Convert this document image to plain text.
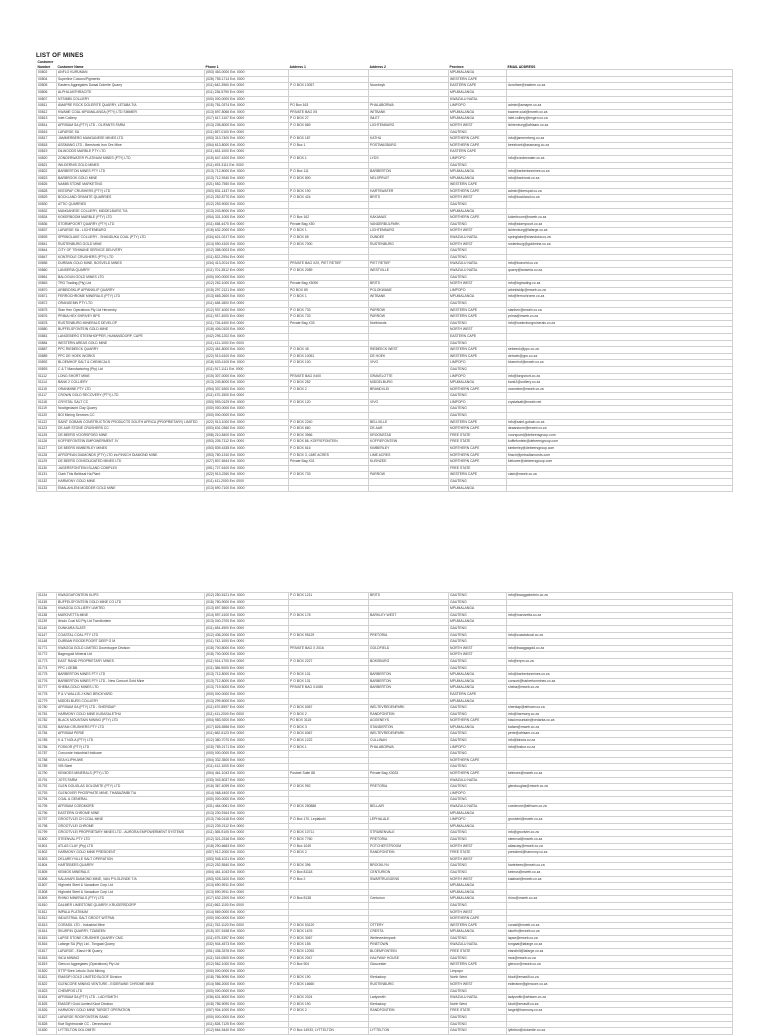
LIST OF MINES
Customer Number	Customer Name	Phone 1	Address 1	Address 2	Province	EMAIL ADDRESS
00802	ANFLO KURUMAN	(053) 463-0000 Ext. 0000			MPUMALANGA	
00804	Superline Colours/Pigments	(028) 755-1714 Ext. 0000			WESTERN CAPE	
00805	Eastern Aggregates Dwaal Dolerite Quarry	(011) 642-3960 Ext. 0000	P O BOX 13057	Noordwyk	EASTERN CAPE	dorothee@eastern.co.za
00806	ALPHA ANTHRACITE	(011) 236-5790 Ext. 0000			MPUMALANGA	
00807	NTSIMBI COLLIERY	(000) 000-0000 Ext. 0000			KWAZULU NATAL	
00811	AMAPRE ROCK DOLERITE QUARRY, LETABA T/A	(015) 781-0374 Ext. 0000	PO Box 163	PHALABORWA	LIMPOPO	admin@amapre.co.za
00812	KWAME COAL MPUMALANGA (PTY) LTD SIMMER	(013) 697-8066 Ext. 0000	PRIVATE BAG X5	WITBANK	MPUMALANGA	kwame.coal@mweb.co.za
00813	Inlet Colliery	(017) 617-1107 Ext. 0000	P O BOX 27	INLET	MPUMALANGA	inlet.colliery@engen.co.za
00814	AFRISAM SA (PTY) LTD - OLIFANTS FARM	(013) 235-8000 Ext. 0000	P O BOX 669	LICHTENBURG	NORTH WEST	lichtenburg@afrisam.co.za
00815	LAFARGE SA	(011) 657-0100 Ext. 0000			GAUTENG	
00817	JAMMERBERG MANGANESE MINES LTD	(053) 313-7400 Ext. 0000	P O BOX 187	KATHU	NORTHERN CAPE	info@jammerberg.co.za
00818	ASSMANG LTD - Beeshoek Iron Ore Mine	(054) 613-8000 Ext. 0000	P O Box 1	POSTMASBURG	NORTHERN CAPE	beeshoek@assmang.co.za
00819	DILWOODS MARBLE PTY LTD	(011) 463-1000 Ext. 0000			EASTERN CAPE	
00820	ZONDERWATER PLATINUM MINES (PTY) LTD	(015) 647-4200 Ext. 0000	P O BOX 1	LYDS	LIMPOPO	info@zonderwater.co.za
00821	WILDERNIS GOLD MINES	(011) 493-3111 Ext. 0000			GAUTENG	
00822	BARBERTON MINES PTY LTD	(013) 712-8000 Ext. 0000	P O Box 111	BARBERTON	MPUMALANGA	info@barbertonmines.co.za
00823	BARBROOK GOLD MINE	(013) 712-9340 Ext. 0000	P O BOX 800	NELSPRUIT	MPUMALANGA	info@barbrook.co.za
00826	NAMIB STONE MARKETING	(021) 552-7550 Ext. 0000			WESTERN CAPE	
00828	KEESPAF CRUSHERS (PTY) LTD	(053) 831-1437 Ext. 0000	P O BOX 190	HARTSWATER	NORTHERN CAPE	admin@keespaf.co.za
00829	BOCKLAND GRANITE QUARRIES	(012) 252-8770 Ext. 0000	P O BOX 424	BRITS	NORTH WEST	info@bockland.co.za
00830	ATTIC QUARRIES	(012) 253-9000 Ext. 0000			GAUTENG	
00832	MANGANESE COLLIERY, MIDDELBURG T/A	(013) 243-8000 Ext. 0000			MPUMALANGA	
00834	KOKERBOOM MARBLE (PTY) LTD	(054) 331-1000 Ext. 0000	P O Box 162	KAKAMAS	NORTHERN CAPE	kokerboom@mweb.co.za
00836	STORMPOORT QUARRY (PTY) LTD	(011) 458-4470 Ext. 0000	Private Bag X50	VANDERBIJLPARK	GAUTENG	info@stormpoort.co.za
00837	LAFARGE SA - LICHTENBURG	(018) 632-2000 Ext. 0000	P O BOX 1	LICHTENBURG	NORTH WEST	lichtenburg@lafarge.co.za
00839	SPRINGLAKE COLLIERY - SHANDUKA COAL (PTY) LTD	(034) 621-0217 Ext. 0000	P O BOX 65	DUNDEE	KWAZULU NATAL	springlake@shanduka.co.za
00841	RUSTENBURG GOLD MINE	(014) 590-4100 Ext. 0000	P O BOX 7000	RUSTENBURG	NORTH WEST	rustenburg@goldmine.co.za
00844	CITY OF TSHWANE SERVICE DELIVERY	(012) 358-0003 Ext. 0000			GAUTENG	
00847	KONTROLE CRUSHERS (PTY) LTD	(011) 822-2954 Ext. 0000			GAUTENG	
00858	DURBAN GOLD MINE, BOSVELD MINES	(034) 413-2014 Ext. 0000	PRIVATE BAG X20, PIET RETIEF	PIET RETIEF	KWAZULU NATAL	info@bosveld.co.za
00860	LANSERIA QUARRY	(011) 701-3512 Ext. 0000	P O BOX 2089	WESTVILLE	KWAZULU NATAL	quarry@lanseria.co.za
00861	BALOGUN GOLD MINES LTD	(000) 000-0000 Ext. 0000			GAUTENG	
00863	TRG Trading (Pty) Ltd	(012) 252-1000 Ext. 0000	Private Bag X5090	BRITS	NORTH WEST	info@trgtrading.co.za
00870	ARBEIDSKLIP AFPANKLIP QUARRY	(015) 297-2121 Ext. 0000	PO BOX 89	POLOKWANE	LIMPOPO	arbeidsklip@mweb.co.za
00871	FERROCHROME MINERALS (PTY) LTD	(013) 665-2600 Ext. 0000	P O BOX 1	WITBANK	MPUMALANGA	info@ferrochrome.co.za
00872	ORANGEMN PTY LTD	(011) 468-1800 Ext. 0000			GAUTENG	
00875	Stan Hen Operations Pty Ltd Hercenby	(012) 937-4000 Ext. 0000	P O BOX 733	PARROW	WESTERN CAPE	stanhen@mweb.co.za
00876	PRIMA HEX SHRIVEY BPS	(011) 937-4000 Ext. 0000	P O BOX 733	PARROW	WESTERN CAPE	prima@mweb.co.za
00878	RUSTENBURG MINERALS DEVELOP	(011) 726-4400 Ext. 0000	Private Bag X33	Northlands	GAUTENG	info@rustenburgminerals.co.za
00880	BUFFELSFONTEIN GOLD MINE	(018) 406-0100 Ext. 0000			NORTH WEST	
00881	LANGEBERG STEENHOPPER, HUMANSDORP, CAPE	(042) 295-1202 Ext. 0000			EASTERN CAPE	
00884	WESTERN AREAS GOLD MINE	(011) 411-1000 Ext. 0000			GAUTENG	
00887	PPC RIEBEECK QUARRY	(022) 461-8000 Ext. 0000	P O BOX 45	RIEBEECK WEST	WESTERN CAPE	riebeeck@ppc.co.za
00889	PPC DE HOEK WORKS	(022) 913-6100 Ext. 0000	P O BOX 10051	DE HOEK	WESTERN CAPE	dehoek@ppc.co.za
00892	BLOEMHOF SALT & CHEMICALS	(018) 633-4100 Ext. 0000	P O BOX 100	VIVO	LIMPOPO	bloemhof@mweb.co.za
00893	C & T Manufacturing (Pty) Ltd	(011) 917-1111 Ext. 0000			GAUTENG	
01112	LONG SHORT MINE	(015) 307-0000 Ext. 0000	PRIVATE BAG X400	GRAVELOTTE	LIMPOPO	info@longshort.co.za
01114	BANK 2 COLLIERY	(013) 249-8000 Ext. 0000	P O BOX 252	MIDDELBURG	MPUMALANGA	bank2@colliery.co.za
01115	ORANMINE PTY LTD	(054) 337-6300 Ext. 0000	P O BOX 2	BRANDVLEI	NORTHERN CAPE	oranmine@mweb.co.za
01117	CROWN GOLD RECOVERY (PTY) LTD	(011) 470-1500 Ext. 0000			GAUTENG	
01118	CRYSTAL SALT CC	(053) 593-0129 Ext. 0000	P O BOX 120	VIVO	LIMPOPO	crystalsalt@mweb.net
01119	Nooitgedacht Clay Quarry	(000) 000-0000 Ext. 0000			GAUTENG	
01120	BOI Mining Services CC	(000) 000-0000 Ext. 0000			GAUTENG	
01122	SAINT GOBAIN CONSTRUCTION PRODUCTS SOUTH AFRICA (PROPRIETARY) LIMITED	(022) 913-1000 Ext. 0000	P O BOX 2240	BELLVILLE	WESTERN CAPE	info@saint-gobain.co.za
01123	DE AAR STONE CRUSHERS CC	(053) 631-0360 Ext. 0000	P O BOX 660	DE AAR	NORTHERN CAPE	deaarstone@mweb.co.za
01125	DE BEERS VOORSPOED MINE	(058) 210-8400 Ext. 0000	P O BOX 3966	KROONSTAD	FREE STATE	voorspoed@debeersgroup.com
01126	KOFFIEFONTEIN EMPOWERMENT JV	(053) 205-7112 Ext. 0000	P O BOX 86, KOFFIEFONTEIN	KOFFIEFONTEIN	FREE STATE	koffiefontein@debeersgroup.com
01127	DE BEERS KIMBERLEY MINES	(053) 839-4335 Ext. 0000	P O BOX 616	KIMBERLEY	NORTHERN CAPE	kimberley@debeersgroup.com
01128	AFROPEAN DIAMONDS (PTY) LTD t/a FINSCH DIAMOND MINE	(053) 780-1310 Ext. 0000	P O BOX 3, LIME ACRES	LIME ACRES	NORTHERN CAPE	finsch@petradiamonds.com
01129	DE BEERS CONSOLIDATED MINES LTD	(027) 807-6544 Ext. 0000	Private Bag X01	KLEINZEE	NORTHERN CAPE	kleinzee@debeersgroup.com
01130	JAGERSFONTEIN ISLAND COMPLEX	(051) 727-6100 Ext. 0000			FREE STATE	
01131	Clark This Beitbsal Ha Plant	(022) 913-2260 Ext. 0000	P O BOX 733	PARROW	WESTERN CAPE	clark@mweb.co.za
01132	HARMONY GOLD MINE	(011) 411-2000 Ext. 0000			GAUTENG	
01133	EMALAHLENI MODDER GOLD MINE	(013) 690-7100 Ext. 0000			MPUMALANGA	
01134	KWAGGAFONTEIN KLIPS	(012) 250-5121 Ext. 0000	P O BOX 1211	BRITS	GAUTENG	info@kwaggafontein.co.za
01135	BUFFELSFONTEIN GOLD MINE CO LTD	(018) 780-9000 Ext. 0000			GAUTENG	
01136	KWAGGA COLLIERY LIMITED	(013) 697-5500 Ext. 0000			MPUMALANGA	
01138	MAROVETTA MINE	(014) 597-4100 Ext. 0000	P O BOX 178	BARKLEY WEST	GAUTENG	info@marovetta.co.za
01139	Ikholo Coal MJ Pty Ltd Twedfontein	(013) 040-2700 Ext. 0000			MPUMALANGA	
01140	DUNKARA SLATE	(011) 484-4900 Ext. 0000			GAUTENG	
01147	COASTAL COAL PTY LTD	(012) 436-2000 Ext. 0000	P O BOX 95129	PRETORIA	GAUTENG	info@coastalcoal.co.za
01148	DURBAN ROODEPOORT DEEP G M	(011) 742-1000 Ext. 0000			GAUTENG	
01771	KWAGGA GOLD LIMITED Doornkoppe Division	(018) 700-8000 Ext. 0000	PRIVATE BAG X 2016	GOLDFIELD	NORTH WEST	info@kwaggagold.co.za
01772	Bagengold Mineral Ltd	(018) 700-0000 Ext. 0000			NORTH WEST	
01773	EAST RAND PROPRIETARY MINES	(011) 914-1700 Ext. 0000	P O BOX 2227	BOKSBURG	GAUTENG	info@erpm.co.za
01774	PPC LOEBB	(011) 386-9000 Ext. 0000			GAUTENG	
01775	BARBERTON MINES PTY LTD	(013) 712-8000 Ext. 0000	P O BOX 131	BARBERTON	MPUMALANGA	info@barbertonmines.co.za
01776	BARBERTON MINES PTY LTD - New Consort Gold Mine	(013) 712-8000 Ext. 0000	P O BOX 131	BARBERTON	MPUMALANGA	consort@barbertonmines.co.za
01777	SHEBA GOLD MINES LTD	(013) 719-5000 Ext. 0000	PRIVATE BAG X1085	BARBERTON	MPUMALANGA	sheba@mweb.co.za
01778	P & V WALLIS-J KING BRICKYARD	(000) 000-0000 Ext. 0000			EASTERN CAPE	
01779	MIDDELBURG COLLIERY	(013) 299-5000 Ext. 0000			MPUMALANGA	
01780	AFRISAM SA (PTY) LTD - SHERIDAP	(011) 670-5997 Ext. 0000	P O BOX 6367	WELTEVREDENPARK	GAUTENG	sheridap@afrisam.co.za
01781	HARMONY GOLD MINE KUSASALETHU	(011) 411-2000 Ext. 0000	P O BOX 2	RANDFONTEIN	GAUTENG	info@harmony.co.za
01782	BLACK MOUNTAIN MINING (PTY) LTD	(054) 983-9200 Ext. 0000	PO BOX 3115	AGGENEYS	NORTHERN CAPE	blackmountain@vedanta.co.za
01783	BAFAM CRUSHERS PTY LTD	(017) 826-5556 Ext. 0000	P O BOX 3	STANDERTON	MPUMALANGA	bafam@mweb.co.za
01784	AFRISAM PERIE	(011) 682-5123 Ext. 0000	P O BOX 6367	WELTEVREDENPARK	GAUTENG	perie@afrisam.co.za
01785	K & T NOLA (PTY) LTD	(012) 380-7070 Ext. 0000	P O BOX 1222	CULLINAN	GAUTENG	info@ktnola.co.za
01786	FOSKOR (PTY) LTD	(015) 789-2171 Ext. 0000	P O BOX 1	PHALABORWA	LIMPOPO	info@foskor.co.za
01787	Concorde Industrial Holdcare	(000) 000-0000 Ext. 0000			GAUTENG	
01788	KEA KLIPHUWE	(054) 332-3500 Ext. 0000			NORTHERN CAPE	
01789	VIB Steel	(011) 412-1000 Ext. 0000			GAUTENG	
01790	KEIMOES MINERALS (PTY) LTD	(054) 461-1043 Ext. 0000	Postnet Suite 88	Private Bag X3033	NORTHERN CAPE	keimoes@mweb.co.za
01791	JOTS FARM	(033) 343-5037 Ext. 0000			KWAZULU NATAL	
01792	GLEN DOUGLAS DOLOMITE (PTY) LTD	(016) 367-4099 Ext. 0000	P O BOX 992	PRETORIA	GAUTENG	glendouglas@mweb.co.za
01793	GLENOVER PHOSPHATE MINE, THABAZIMBI T/A	(014) 068-4400 Ext. 0000			LIMPOPO	
01794	COAL & GENERAL	(000) 000-0000 Ext. 0000			GAUTENG	
01795	AFRISAM COEDMORE	(031) 464-0061 Ext. 0000	P O BOX 250888	BELLAIR	KWAZULU NATAL	coedmore@afrisam.co.za
01796	EASTERN CHROME MINE	(013) 230-9164 Ext. 0000			MPUMALANGA	
01797	GROOTVLEI CH COAL MINE	(013) 746-0118 Ext. 0000	P O Box 170, Leplakohi	LEPHALALE	LIMPOPO	grootvlei@mweb.co.za
01798	GROOTVLEI CHROME	(012) 239-2112 Ext. 0000			MPUMALANGA	
01799	GROOTVLEI PROPRIETARY MINES LTD - AURORA EMPOWERMENT SYSTEMS	(011) 365-9105 Ext. 0000	P O BOX 10711	STRUBENVALE	GAUTENG	info@grootvlei.co.za
01800	STEENVAL PTY LTD	(012) 321-2316 Ext. 0000	P O BOX 7760	PRETORIA	GAUTENG	steenval@mweb.co.za
01801	ATLAS CLAY (Pty) LTD	(018) 290-6663 Ext. 0000	P O Box 1049	POTCHEFSTROOM	NORTH WEST	atlasclay@mweb.co.za
01802	HARMONY GOLD MINE PRESIDENT	(057) 912-2000 Ext. 0000	P O BOX 2	RANDFONTEIN	FREE STATE	president@harmony.co.za
01803	DELAREYVILLE SALT OPERATION	(053) 948-1021 Ext. 0000			NORTH WEST	
01804	HARTEBEES QUARRY	(012) 252-5540 Ext. 0000	P O BOX 396	BROOKLYN	GAUTENG	hartebees@mweb.co.za
01805	KEIMOS MINERALS	(054) 461-1043 Ext. 0000	P O Box 81118	CENTURION	GAUTENG	keimos@mweb.co.za
01806	KALAHARI DIAMOND MINE, VAN PYLSLENDE T/A	(053) 928-3100 Ext. 0000	P O Box 2	SWARTRUGGENS	NORTH WEST	kalahari@mweb.co.za
01807	Highveld Steel & Vanadium Corp Ltd	(013) 690-9911 Ext. 0000			MPUMALANGA	
01808	Highveld Steel & Vanadium Corp Ltd	(013) 690-9911 Ext. 0000			MPUMALANGA	
01809	RHINO MINERALS (PTY) LTD	(017) 632-2200 Ext. 0000	P O Box 8138	Centurion	MPUMALANGA	rhino@mweb.co.za
01810	DALMER LIMESTONE QUARRY, KRUGERSDORP	(011) 662-1100 Ext. 0000			GAUTENG	
01811	IMPALA PLATINUM	(014) 569-0000 Ext. 0000			NORTH WEST	
01812	INDUSTRIAL SALT GROOT WITPAN	(000) 000-0000 Ext. 0000			NORTHERN CAPE	
01813	CORASIL LTD - Industrial Mine	(011) 762-1120 Ext. 0000	P O BOX 53120	OTTERY	WESTERN CAPE	corasil@mweb.co.za
01814	SKURFIN QUARRY, TZANEEN	(015) 307-5158 Ext. 0000	P O BOX 1676	CRESTA	MPUMALANGA	skurfin@mweb.co.za
01815	LAPSE STONE CRUSHER QUARRY CMC	(011) 679-3397 Ext. 0000	P O BOX 3067	Weltevredenpark	GAUTENG	lapse@mweb.co.za
01816	Lafarge SA (Pty) Ltd - Tongaat Quarry	(032) 944-4573 Ext. 0000	P O BOX 155	PINETOWN	KWAZULU NATAL	tongaat@lafarge.co.za
01817	LAFARGE - Eland Hill Quarry	(051) 436-3376 Ext. 0000	P O BOX 12092	BLOEMFONTEIN	FREE STATE	elandhill@lafarge.co.za
01818	INCA MINING	(011) 315-0500 Ext. 0000	P O BOX 2047	HALFWAY HOUSE	GAUTENG	inca@mweb.co.za
01819	Glencor Aggregates (Operations) Pty Ltd	(012) 562-1000 Ext. 0000	P O Box 904	Gloucester	WESTERN CAPE	glencor@mweb.co.za
01820	STTP Bree Lekolo Gold Mining	(000) 000-0000 Ext. 0000			Limpopo	
01821	EMASIFI GOLD LIMITED BLOOF Division	(018) 786-9090 Ext. 0000	P O BOX 190	Klerksdorp	North West	bloof@emasifi.co.za
01822	GLENCORE MINING VENTURE - EIDERAINE CHROME MINE	(014) 586-2000 Ext. 0000	P O BOX 16660	RUSTENBURG	NORTH WEST	eideraine@glencore.co.za
01823	CHEMPOS LTD	(000) 000-0000 Ext. 0000			GAUTENG	
01824	AFRISAM SA (PTY) LTD - LADYSMITH	(036) 631-5000 Ext. 0000	P O BOX 2024	Ladysmith	KWAZULU NATAL	ladysmith@afrisam.co.za
01825	EMASIFI Gold Limited Kloof Division	(018) 786-9090 Ext. 0000	P O BOX 190	Klerksdorp	North West	kloof@emasifi.co.za
01826	HARMONY GOLD MINE TARGET OPERATION	(057) 904-1000 Ext. 0000	P O BOX 2	RANDFONTEIN	FREE STATE	target@harmony.co.za
01827	LAFARGE ROOIFONTEIN SAND	(000) 000-0000 Ext. 0000			GAUTENG	
01828	Kiwi Sightmorale CC - Dennesdord	(011) 828-7125 Ext. 0000			GAUTENG	
01830	LYTTELTON DOLOMITE	(012) 664-5440 Ext. 0000	P O Box 14933, LYTTELTON	LYTTELTON	GAUTENG	lyttelton@dolomite.co.za
